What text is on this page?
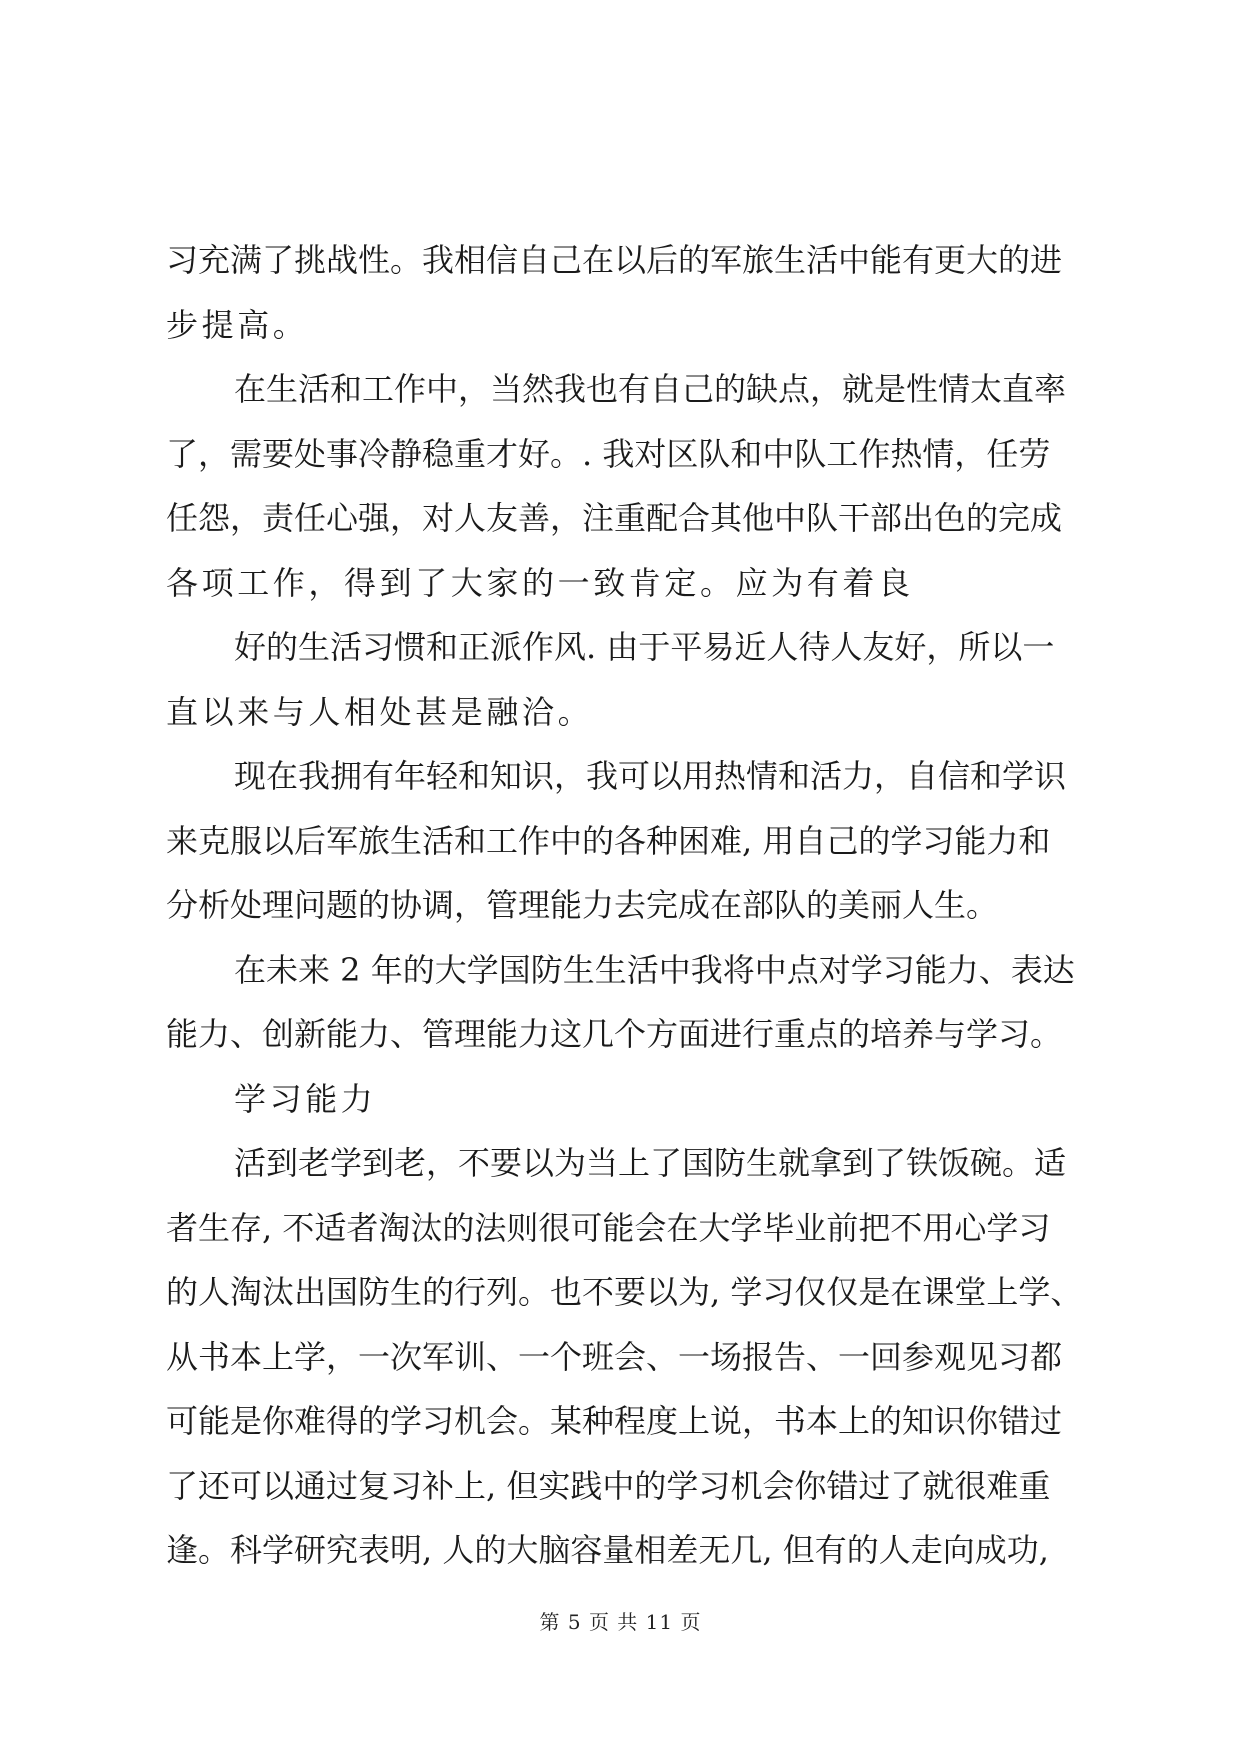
习充满了挑战性。我相信自己在以后的军旅生活中能有更大的进
步提高。
在生活和工作中，当然我也有自己的缺点，就是性情太直率
了，需要处事冷静稳重才好。. 我对区队和中队工作热情，任劳
任怨，责任心强，对人友善，注重配合其他中队干部出色的完成
各项工作，得到了大家的一致肯定。应为有着良
好的生活习惯和正派作风. 由于平易近人待人友好，所以一
直以来与人相处甚是融洽。
现在我拥有年轻和知识，我可以用热情和活力，自信和学识
来克服以后军旅生活和工作中的各种困难, 用自己的学习能力和
分析处理问题的协调，管理能力去完成在部队的美丽人生。
在未来 2 年的大学国防生生活中我将中点对学习能力、表达
能力、创新能力、管理能力这几个方面进行重点的培养与学习。
学习能力
活到老学到老，不要以为当上了国防生就拿到了铁饭碗。适
者生存, 不适者淘汰的法则很可能会在大学毕业前把不用心学习
的人淘汰出国防生的行列。也不要以为, 学习仅仅是在课堂上学、
从书本上学，一次军训、一个班会、一场报告、一回参观见习都
可能是你难得的学习机会。某种程度上说，书本上的知识你错过
了还可以通过复习补上, 但实践中的学习机会你错过了就很难重
逢。科学研究表明, 人的大脑容量相差无几, 但有的人走向成功,
第 5 页 共 11 页
